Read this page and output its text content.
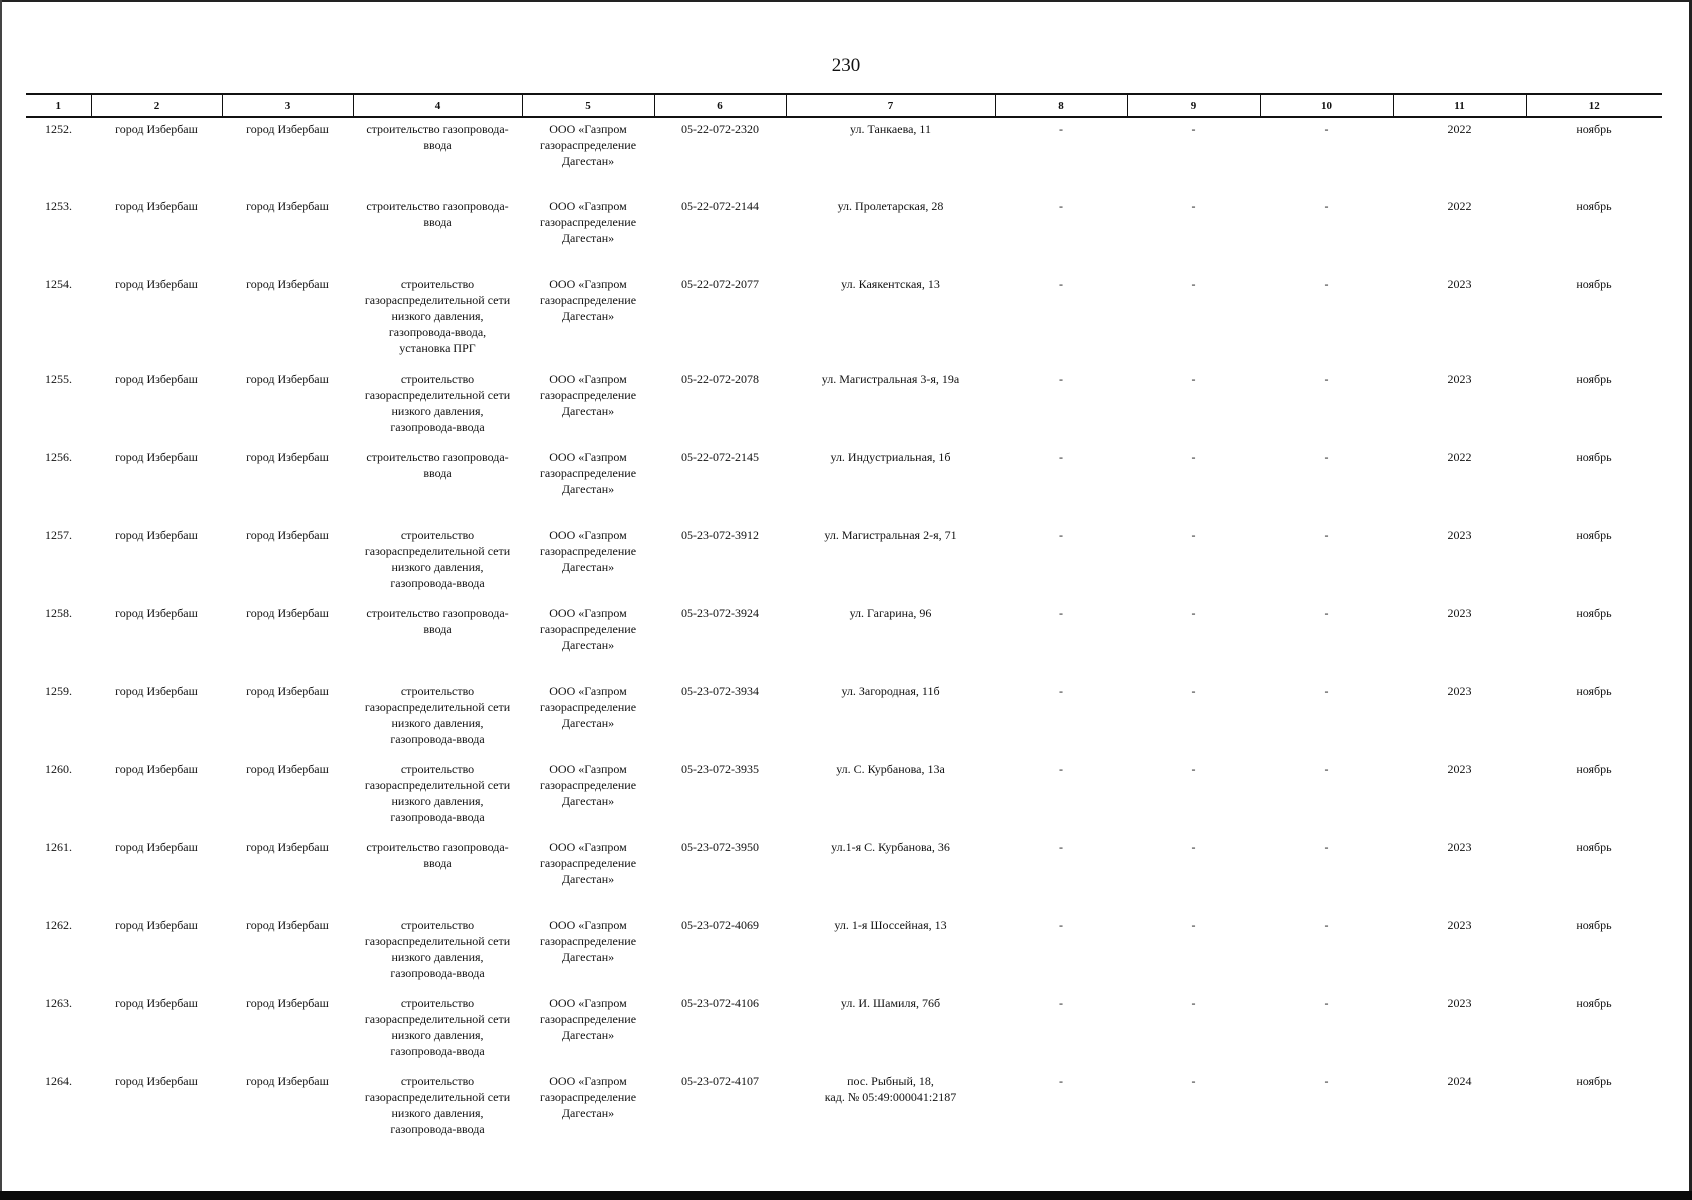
230
1	2	3	4	5	6	7	8	9	10	11	12

1252.	город Избербаш	город Избербаш	строительство газопровода-
ввода	ООО «Газпром
газораспределение
Дагестан»	05-22-072-2320	ул. Танкаева, 11	-	-	-	2022	ноябрь

1253.	город Избербаш	город Избербаш	строительство газопровода-
ввода	ООО «Газпром
газораспределение
Дагестан»	05-22-072-2144	ул. Пролетарская, 28	-	-	-	2022	ноябрь

1254.	город Избербаш	город Избербаш	строительство
газораспределительной сети
низкого давления,
газопровода-ввода,
установка ПРГ	ООО «Газпром
газораспределение
Дагестан»	05-22-072-2077	ул. Каякентская, 13	-	-	-	2023	ноябрь

1255.	город Избербаш	город Избербаш	строительство
газораспределительной сети
низкого давления,
газопровода-ввода	ООО «Газпром
газораспределение
Дагестан»	05-22-072-2078	ул. Магистральная 3-я, 19а	-	-	-	2023	ноябрь

1256.	город Избербаш	город Избербаш	строительство газопровода-
ввода	ООО «Газпром
газораспределение
Дагестан»	05-22-072-2145	ул. Индустриальная, 1б	-	-	-	2022	ноябрь

1257.	город Избербаш	город Избербаш	строительство
газораспределительной сети
низкого давления,
газопровода-ввода	ООО «Газпром
газораспределение
Дагестан»	05-23-072-3912	ул. Магистральная 2-я, 71	-	-	-	2023	ноябрь

1258.	город Избербаш	город Избербаш	строительство газопровода-
ввода	ООО «Газпром
газораспределение
Дагестан»	05-23-072-3924	ул. Гагарина, 96	-	-	-	2023	ноябрь

1259.	город Избербаш	город Избербаш	строительство
газораспределительной сети
низкого давления,
газопровода-ввода	ООО «Газпром
газораспределение
Дагестан»	05-23-072-3934	ул. Загородная, 11б	-	-	-	2023	ноябрь

1260.	город Избербаш	город Избербаш	строительство
газораспределительной сети
низкого давления,
газопровода-ввода	ООО «Газпром
газораспределение
Дагестан»	05-23-072-3935	ул. С. Курбанова, 13а	-	-	-	2023	ноябрь

1261.	город Избербаш	город Избербаш	строительство газопровода-
ввода	ООО «Газпром
газораспределение
Дагестан»	05-23-072-3950	ул.1-я С. Курбанова, 36	-	-	-	2023	ноябрь

1262.	город Избербаш	город Избербаш	строительство
газораспределительной сети
низкого давления,
газопровода-ввода	ООО «Газпром
газораспределение
Дагестан»	05-23-072-4069	ул. 1-я Шоссейная, 13	-	-	-	2023	ноябрь

1263.	город Избербаш	город Избербаш	строительство
газораспределительной сети
низкого давления,
газопровода-ввода	ООО «Газпром
газораспределение
Дагестан»	05-23-072-4106	ул. И. Шамиля, 76б	-	-	-	2023	ноябрь

1264.	город Избербаш	город Избербаш	строительство
газораспределительной сети
низкого давления,
газопровода-ввода	ООО «Газпром
газораспределение
Дагестан»	05-23-072-4107	пос. Рыбный, 18,
кад. № 05:49:000041:2187	-	-	-	2024	ноябрь
